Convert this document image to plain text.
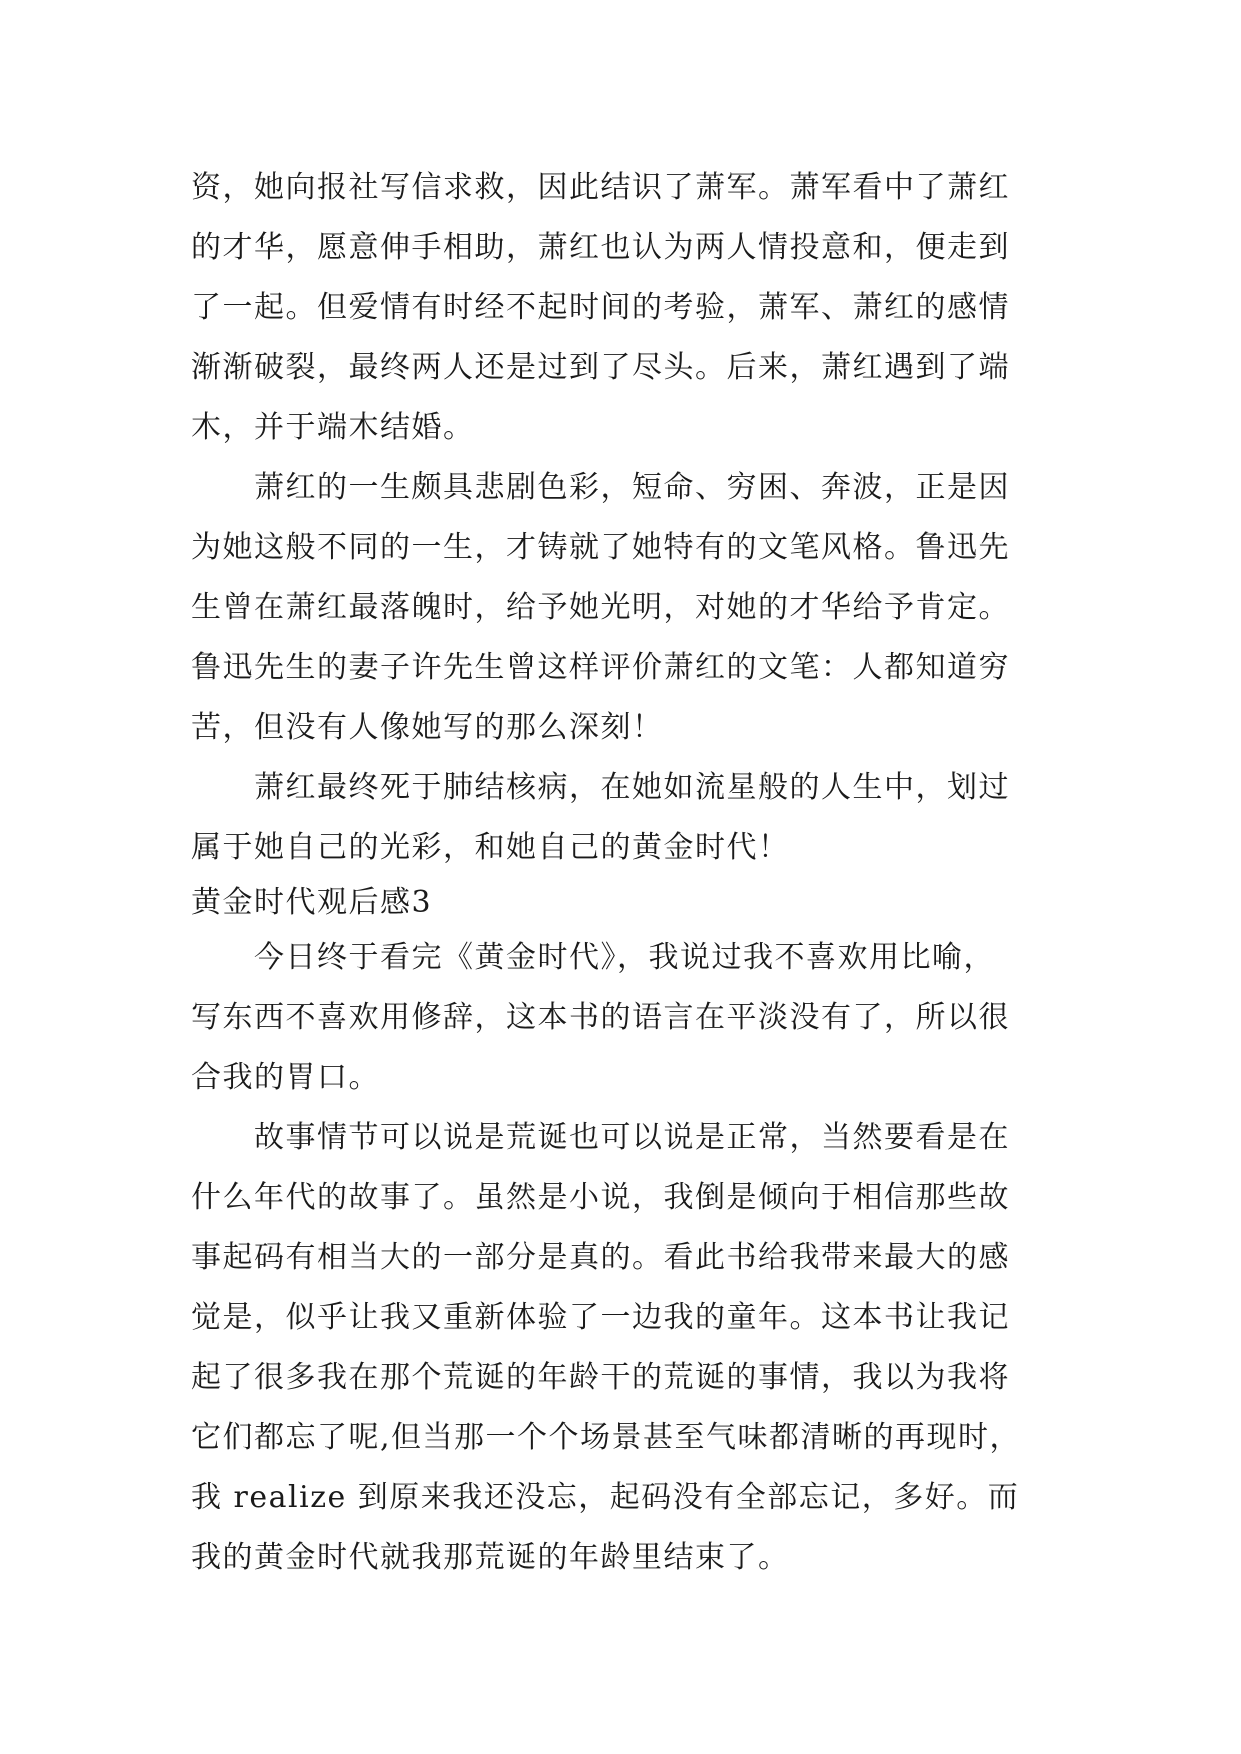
资，她向报社写信求救，因此结识了萧军。萧军看中了萧红
的才华，愿意伸手相助，萧红也认为两人情投意和，便走到
了一起。但爱情有时经不起时间的考验，萧军、萧红的感情
渐渐破裂，最终两人还是过到了尽头。后来，萧红遇到了端
木，并于端木结婚。
萧红的一生颇具悲剧色彩，短命、穷困、奔波，正是因
为她这般不同的一生，才铸就了她特有的文笔风格。鲁迅先
生曾在萧红最落魄时，给予她光明，对她的才华给予肯定。
鲁迅先生的妻子许先生曾这样评价萧红的文笔：人都知道穷
苦，但没有人像她写的那么深刻！
萧红最终死于肺结核病，在她如流星般的人生中，划过
属于她自己的光彩，和她自己的黄金时代！
黄金时代观后感3
今日终于看完《黄金时代》，我说过我不喜欢用比喻，
写东西不喜欢用修辞，这本书的语言在平淡没有了，所以很
合我的胃口。
故事情节可以说是荒诞也可以说是正常，当然要看是在
什么年代的故事了。虽然是小说，我倒是倾向于相信那些故
事起码有相当大的一部分是真的。看此书给我带来最大的感
觉是，似乎让我又重新体验了一边我的童年。这本书让我记
起了很多我在那个荒诞的年龄干的荒诞的事情，我以为我将
它们都忘了呢,但当那一个个场景甚至气味都清晰的再现时，
我 realize 到原来我还没忘，起码没有全部忘记，多好。而
我的黄金时代就我那荒诞的年龄里结束了。
